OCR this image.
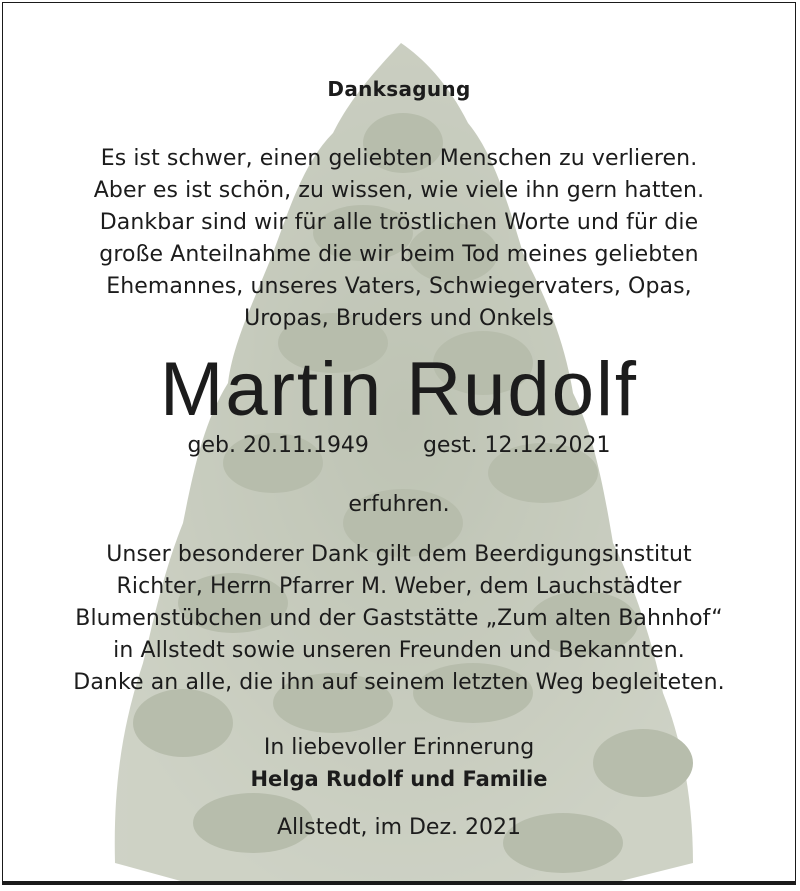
Danksagung
Es ist schwer, einen geliebten Menschen zu verlieren.
Aber es ist schön, zu wissen, wie viele ihn gern hatten.
Dankbar sind wir für alle tröstlichen Worte und für die
große Anteilnahme die wir beim Tod meines geliebten
Ehemannes, unseres Vaters, Schwiegervaters, Opas,
Uropas, Bruders und Onkels
Martin Rudolf
geb. 20.11.1949 gest. 12.12.2021
erfuhren.
Unser besonderer Dank gilt dem Beerdigungsinstitut
Richter, Herrn Pfarrer M. Weber, dem Lauchstädter
Blumenstübchen und der Gaststätte „Zum alten Bahnhof“
in Allstedt sowie unseren Freunden und Bekannten.
Danke an alle, die ihn auf seinem letzten Weg begleiteten.
In liebevoller Erinnerung
Helga Rudolf und Familie
Allstedt, im Dez. 2021
